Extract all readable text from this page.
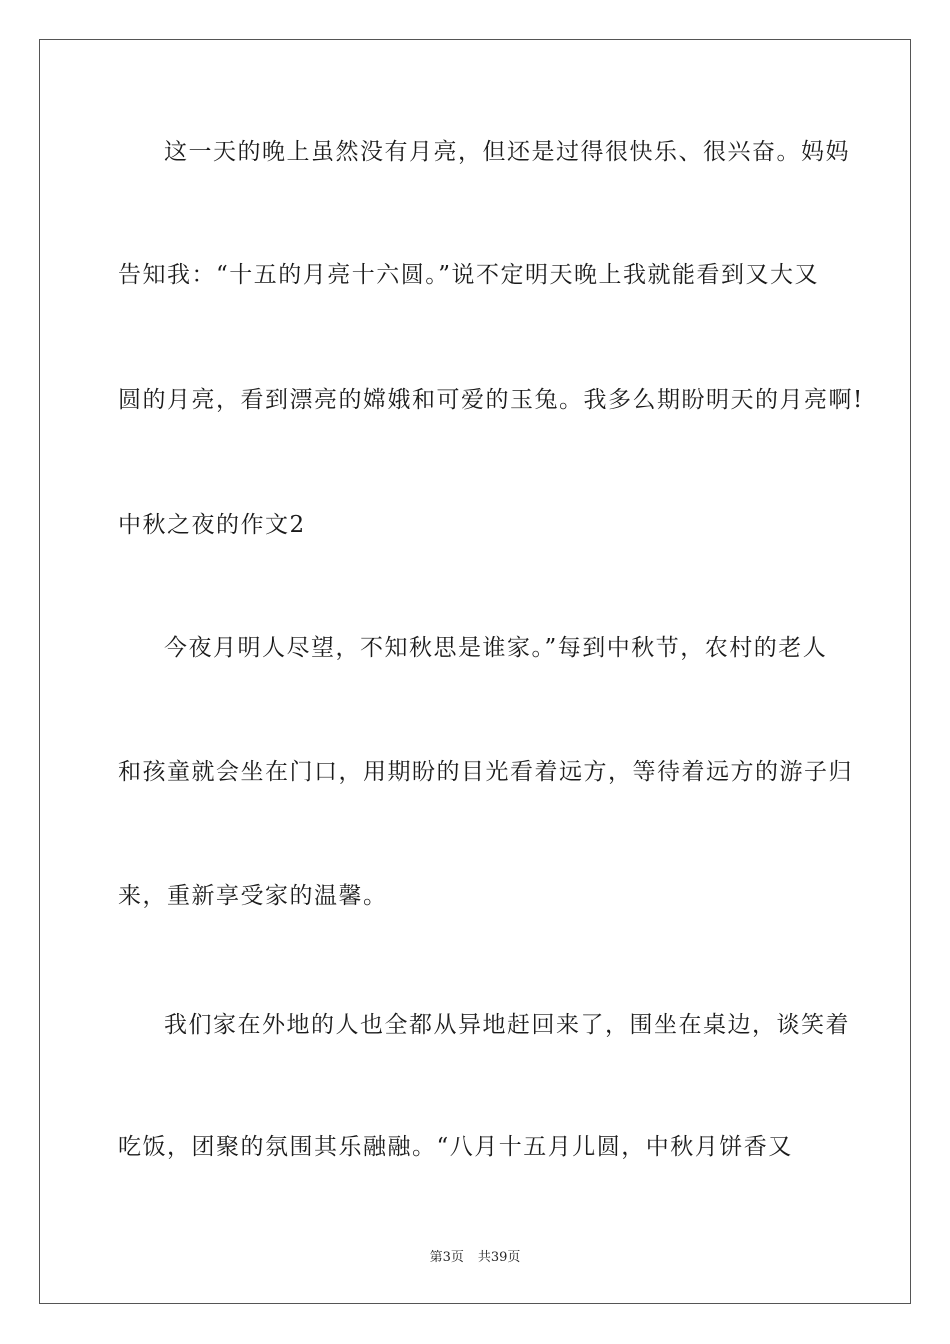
这一天的晚上虽然没有月亮，但还是过得很快乐、很兴奋。妈妈
告知我：“十五的月亮十六圆。”说不定明天晚上我就能看到又大又
圆的月亮，看到漂亮的嫦娥和可爱的玉兔。我多么期盼明天的月亮啊!
中秋之夜的作文2
今夜月明人尽望，不知秋思是谁家。”每到中秋节，农村的老人
和孩童就会坐在门口，用期盼的目光看着远方，等待着远方的游子归
来，重新享受家的温馨。
我们家在外地的人也全都从异地赶回来了，围坐在桌边，谈笑着
吃饭，团聚的氛围其乐融融。“八月十五月儿圆，中秋月饼香又
第3页 共39页
